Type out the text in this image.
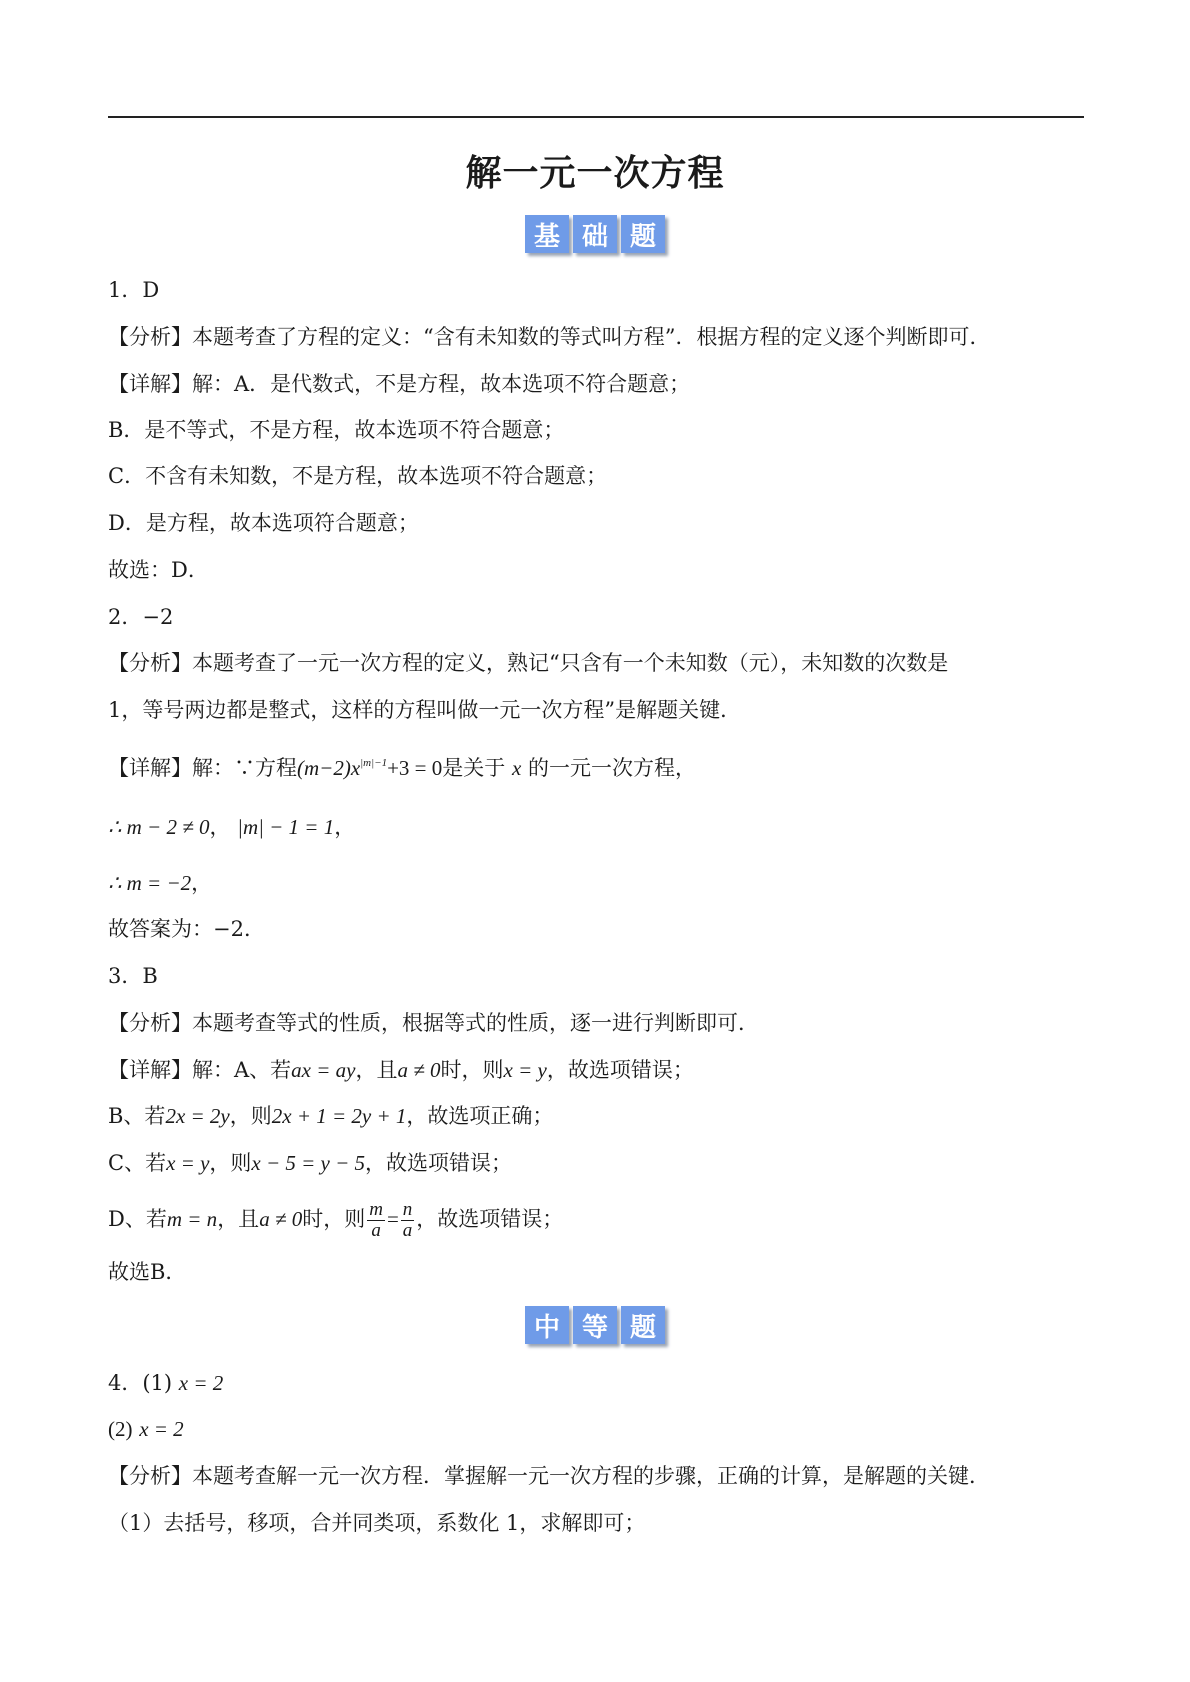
解一元一次方程
基 础 题
1．D
【分析】本题考查了方程的定义：“含有未知数的等式叫方程”．根据方程的定义逐个判断即可．
【详解】解：A．是代数式，不是方程，故本选项不符合题意；
B．是不等式，不是方程，故本选项不符合题意；
C．不含有未知数，不是方程，故本选项不符合题意；
D．是方程，故本选项符合题意；
故选：D．
2．−2
【分析】本题考查了一元一次方程的定义，熟记“只含有一个未知数（元），未知数的次数是
1，等号两边都是整式，这样的方程叫做一元一次方程”是解题关键．
【详解】解：∵方程$(m-2)x^{|m|-1}+3 = 0$是关于 x 的一元一次方程，
∴ m − 2 ≠ 0， |m| − 1 = 1，
∴ m = −2，
故答案为：−2．
3．B
【分析】本题考查等式的性质，根据等式的性质，逐一进行判断即可．
【详解】解：A、若ax = ay，且a ≠ 0时，则x = y，故选项错误；
B、若2x = 2y，则2x + 1 = 2y + 1，故选项正确；
C、若x = y，则x − 5 = y − 5，故选项错误；
D、若m = n，且a ≠ 0时，则 $\frac{m}{a} = \frac{n}{a}$ ，故选项错误；
故选B．
中 等 题
4．(1) x = 2
(2) x = 2
【分析】本题考查解一元一次方程．掌握解一元一次方程的步骤，正确的计算，是解题的关键．
（1）去括号，移项，合并同类项，系数化 1，求解即可；
